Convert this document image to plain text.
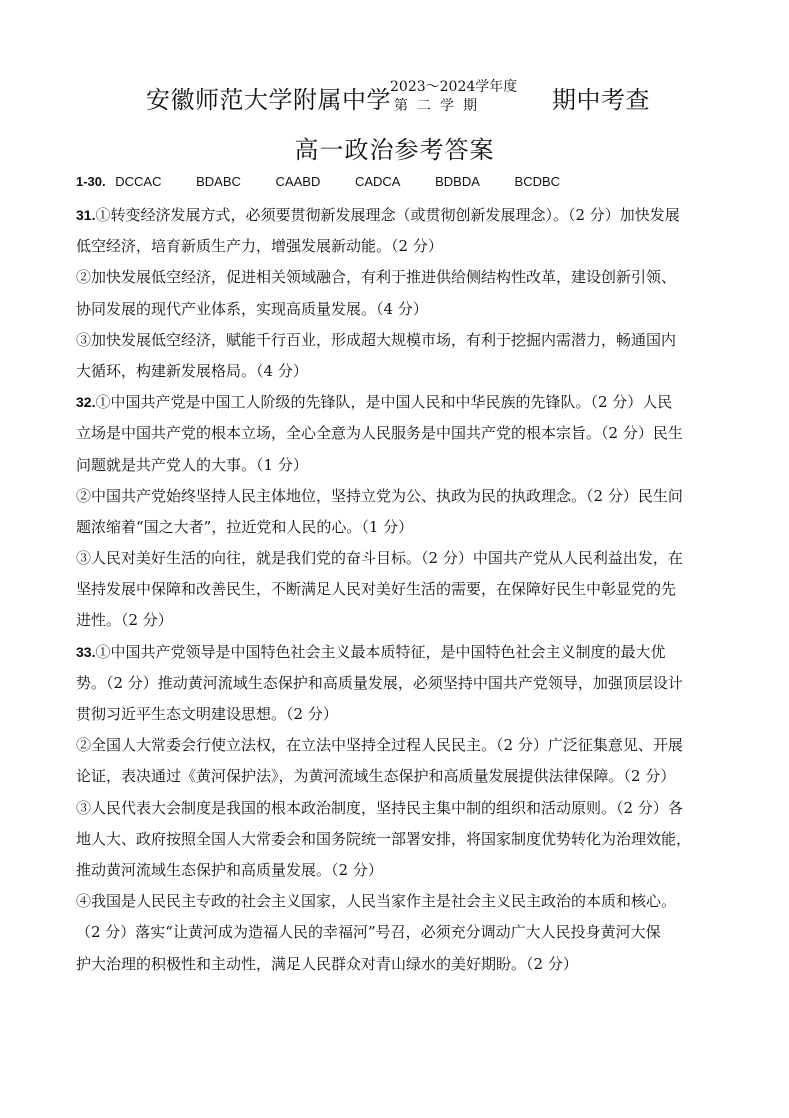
安徽师范大学附属中学 2023～2024学年度
第二学期	期中考查
高一政治参考答案
1-30. DCCAC	BDABC	CAABD	CADCA	BDBDA	BCDBC
31.①转变经济发展方式，必须要贯彻新发展理念（或贯彻创新发展理念）。（2 分）加快发展
低空经济，培育新质生产力，增强发展新动能。（2 分）
②加快发展低空经济，促进相关领域融合，有利于推进供给侧结构性改革，建设创新引领、
协同发展的现代产业体系，实现高质量发展。（4 分）
③加快发展低空经济，赋能千行百业，形成超大规模市场，有利于挖掘内需潜力，畅通国内
大循环，构建新发展格局。（4 分）
32.①中国共产党是中国工人阶级的先锋队，是中国人民和中华民族的先锋队。（2 分）人民
立场是中国共产党的根本立场，全心全意为人民服务是中国共产党的根本宗旨。（2 分）民生
问题就是共产党人的大事。（1 分）
②中国共产党始终坚持人民主体地位，坚持立党为公、执政为民的执政理念。（2 分）民生问
题浓缩着“国之大者”，拉近党和人民的心。（1 分）
③人民对美好生活的向往，就是我们党的奋斗目标。（2 分）中国共产党从人民利益出发，在
坚持发展中保障和改善民生，不断满足人民对美好生活的需要，在保障好民生中彰显党的先
进性。（2 分）
33.①中国共产党领导是中国特色社会主义最本质特征，是中国特色社会主义制度的最大优
势。（2 分）推动黄河流域生态保护和高质量发展，必须坚持中国共产党领导，加强顶层设计
贯彻习近平生态文明建设思想。（2 分）
②全国人大常委会行使立法权，在立法中坚持全过程人民民主。（2 分）广泛征集意见、开展
论证，表决通过《黄河保护法》，为黄河流域生态保护和高质量发展提供法律保障。（2 分）
③人民代表大会制度是我国的根本政治制度，坚持民主集中制的组织和活动原则。（2 分）各
地人大、政府按照全国人大常委会和国务院统一部署安排，将国家制度优势转化为治理效能，
推动黄河流域生态保护和高质量发展。（2 分）
④我国是人民民主专政的社会主义国家，人民当家作主是社会主义民主政治的本质和核心。
（2 分）落实“让黄河成为造福人民的幸福河”号召，必须充分调动广大人民投身黄河大保
护大治理的积极性和主动性，满足人民群众对青山绿水的美好期盼。（2 分）
